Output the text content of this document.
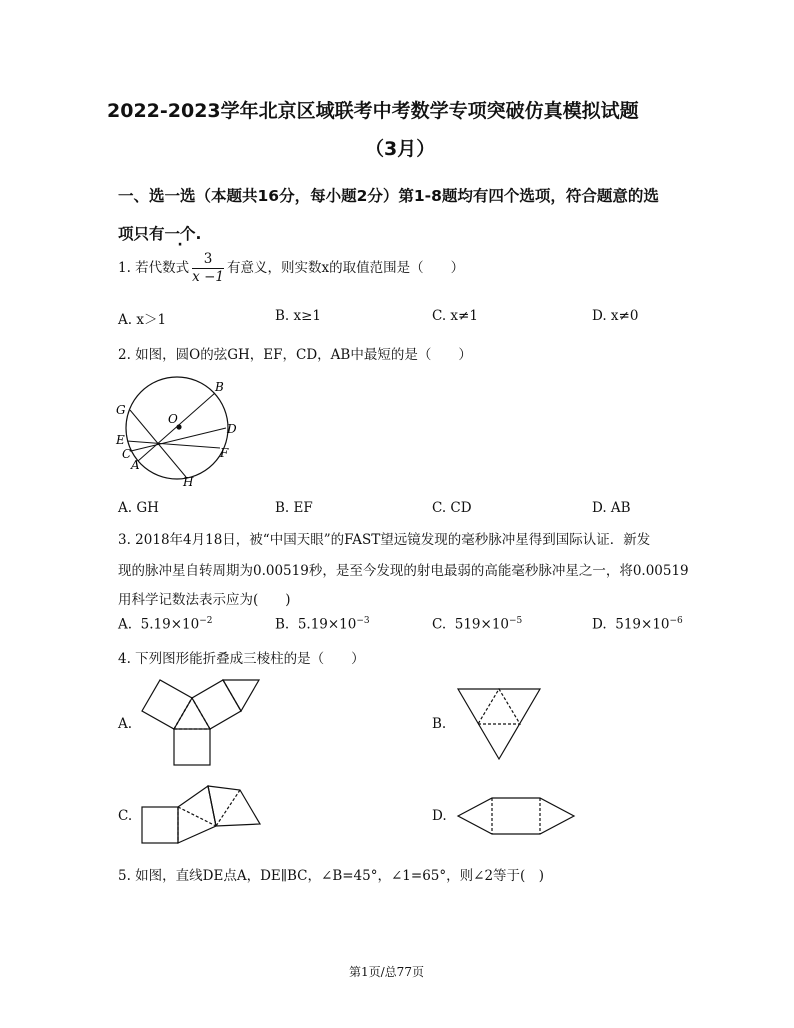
2022-2023学年北京区域联考中考数学专项突破仿真模拟试题
（3月）
一、选一选（本题共16分，每小题2分）第1-8题均有四个选项，符合题意的选
项只有一个.
1. 若代数式 $\frac{3}{x -1}$ 有意义，则实数x的取值范围是（　　）
A. x＞1	B. x≥1	C. x≠1	D. x≠0
2. 如图，圆O的弦GH，EF，CD，AB中最短的是（　　）
G
B
O
E
D
C
A
F
H
A. GH	B. EF	C. CD	D. AB
3. 2018年4月18日，被“中国天眼”的FAST望远镜发现的毫秒脉冲星得到国际认证．新发
现的脉冲星自转周期为0.00519秒，是至今发现的射电最弱的高能毫秒脉冲星之一，将0.00519
用科学记数法表示应为(　　)
A. $5.19\times 10^{-2}$	B. $5.19\times 10^{-3}$	C. $519\times 10^{-5}$	D. $519\times 10^{-6}$
4. 下列图形能折叠成三棱柱的是（　　）
A.	B.
C.	D.
5. 如图，直线DE点A，DE∥BC，∠B=45°，∠1=65°，则∠2等于(　)
第1页/总77页
